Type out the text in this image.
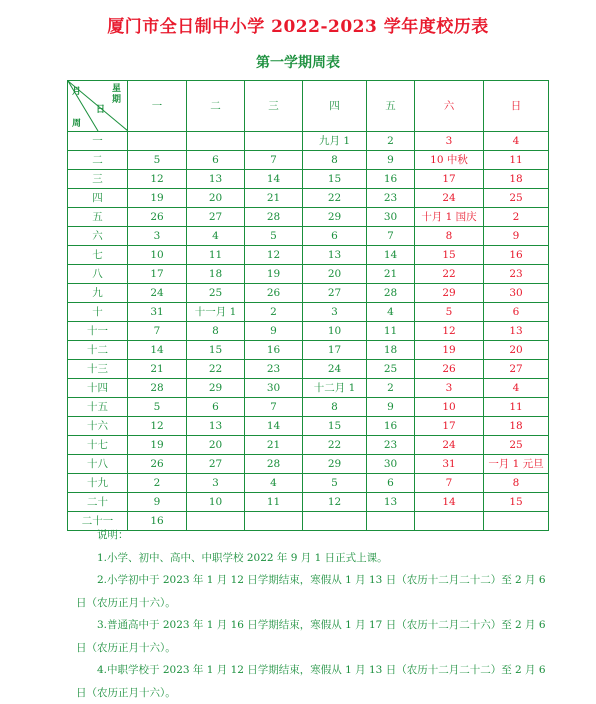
厦门市全日制中小学 2022-2023 学年度校历表
第一学期周表
月 星
期
日
周	一	二	三	四	五	六	日
一				九月 1	2	3	4
二	5	6	7	8	9	10 中秋	11
三	12	13	14	15	16	17	18
四	19	20	21	22	23	24	25
五	26	27	28	29	30	十月 1 国庆	2
六	3	4	5	6	7	8	9
七	10	11	12	13	14	15	16
八	17	18	19	20	21	22	23
九	24	25	26	27	28	29	30
十	31	十一月 1	2	3	4	5	6
十一	7	8	9	10	11	12	13
十二	14	15	16	17	18	19	20
十三	21	22	23	24	25	26	27
十四	28	29	30	十二月 1	2	3	4
十五	5	6	7	8	9	10	11
十六	12	13	14	15	16	17	18
十七	19	20	21	22	23	24	25
十八	26	27	28	29	30	31	一月 1 元旦
十九	2	3	4	5	6	7	8
二十	9	10	11	12	13	14	15
二十一	16						

说明：

1.小学、初中、高中、中职学校 2022 年 9 月 1 日正式上课。

2.小学初中于 2023 年 1 月 12 日学期结束，寒假从 1 月 13 日（农历十二月二十二）至 2 月 6 日（农历正月十六）。

3.普通高中于 2023 年 1 月 16 日学期结束，寒假从 1 月 17 日（农历十二月二十六）至 2 月 6 日（农历正月十六）。

4.中职学校于 2023 年 1 月 12 日学期结束，寒假从 1 月 13 日（农历十二月二十二）至 2 月 6 日（农历正月十六）。
